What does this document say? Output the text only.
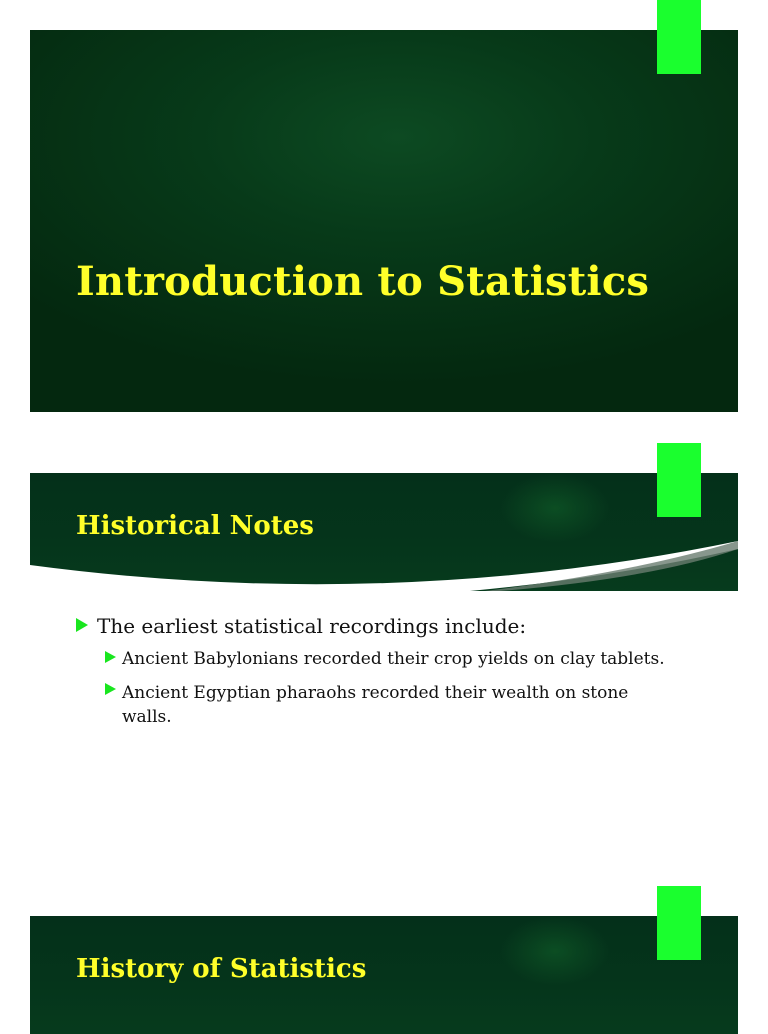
Introduction to Statistics
Historical Notes
The earliest statistical recordings include:
Ancient Babylonians recorded their crop yields on clay tablets.
Ancient Egyptian pharaohs recorded their wealth on stone walls.
History of Statistics
